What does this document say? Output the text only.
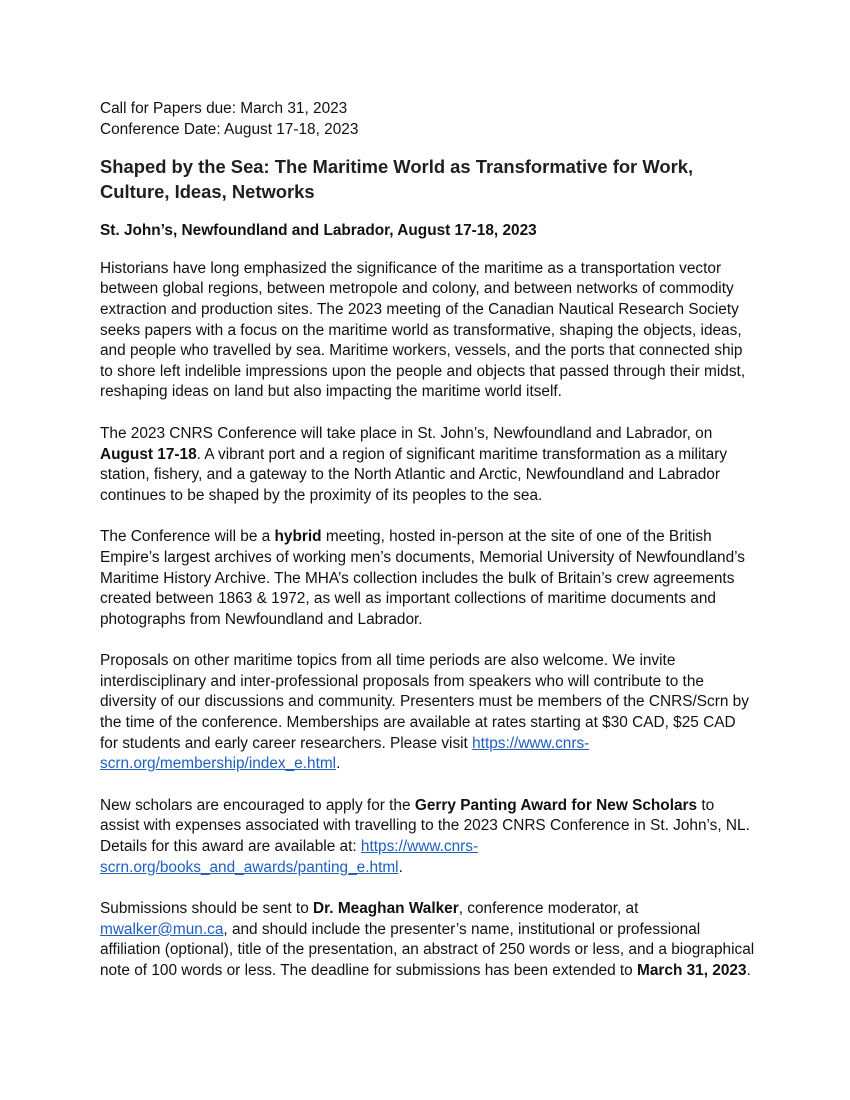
Call for Papers due: March 31, 2023

Conference Date: August 17-18, 2023

Shaped by the Sea: The Maritime World as Transformative for Work, Culture, Ideas, Networks

St. John’s, Newfoundland and Labrador, August 17-18, 2023

Historians have long emphasized the significance of the maritime as a transportation vector between global regions, between metropole and colony, and between networks of commodity extraction and production sites. The 2023 meeting of the Canadian Nautical Research Society seeks papers with a focus on the maritime world as transformative, shaping the objects, ideas, and people who travelled by sea. Maritime workers, vessels, and the ports that connected ship to shore left indelible impressions upon the people and objects that passed through their midst, reshaping ideas on land but also impacting the maritime world itself.

The 2023 CNRS Conference will take place in St. John’s, Newfoundland and Labrador, on August 17-18. A vibrant port and a region of significant maritime transformation as a military station, fishery, and a gateway to the North Atlantic and Arctic, Newfoundland and Labrador continues to be shaped by the proximity of its peoples to the sea.

The Conference will be a hybrid meeting, hosted in-person at the site of one of the British Empire’s largest archives of working men’s documents, Memorial University of Newfoundland’s Maritime History Archive. The MHA’s collection includes the bulk of Britain’s crew agreements created between 1863 & 1972, as well as important collections of maritime documents and photographs from Newfoundland and Labrador.

Proposals on other maritime topics from all time periods are also welcome. We invite interdisciplinary and inter-professional proposals from speakers who will contribute to the diversity of our discussions and community. Presenters must be members of the CNRS/Scrn by the time of the conference. Memberships are available at rates starting at $30 CAD, $25 CAD for students and early career researchers. Please visit https://www.cnrs-scrn.org/membership/index_e.html.

New scholars are encouraged to apply for the Gerry Panting Award for New Scholars to assist with expenses associated with travelling to the 2023 CNRS Conference in St. John’s, NL. Details for this award are available at: https://www.cnrs-scrn.org/books_and_awards/panting_e.html.

Submissions should be sent to Dr. Meaghan Walker, conference moderator, at mwalker@mun.ca, and should include the presenter’s name, institutional or professional affiliation (optional), title of the presentation, an abstract of 250 words or less, and a biographical note of 100 words or less. The deadline for submissions has been extended to March 31, 2023.
